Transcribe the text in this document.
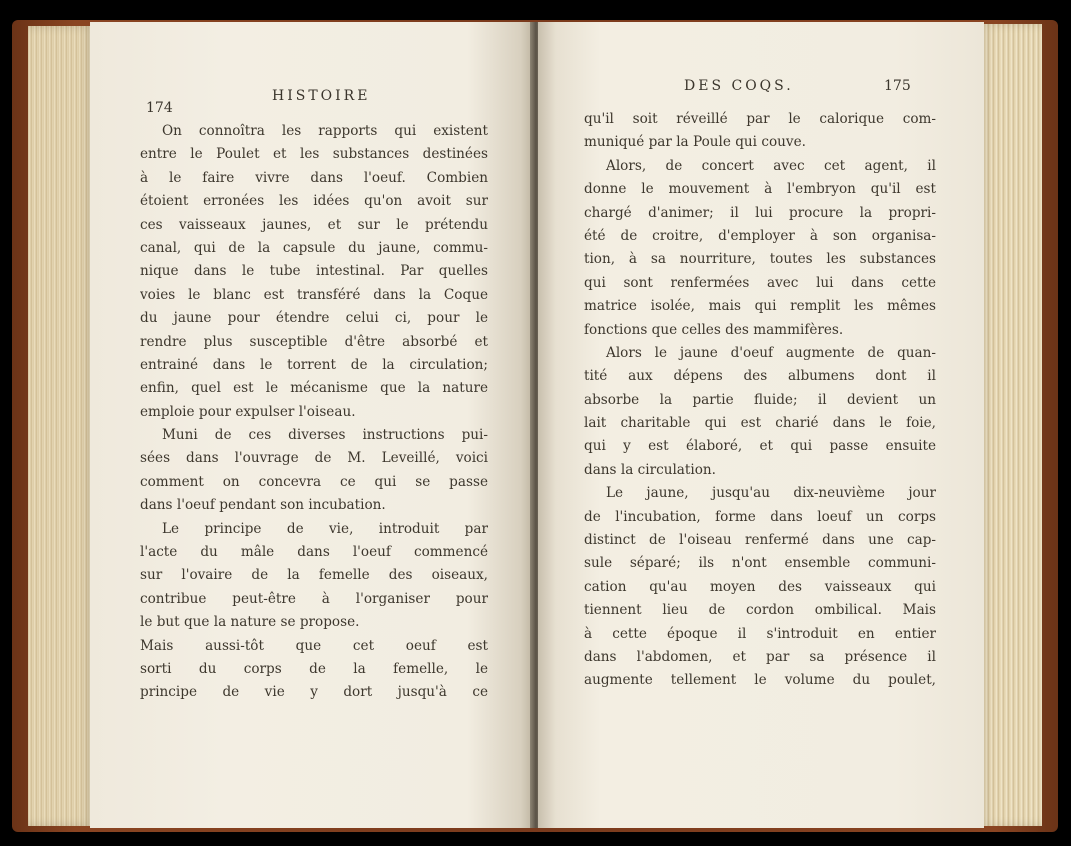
174
HISTOIRE
On connoîtra les rapports qui existent
entre le Poulet et les substances destinées
à le faire vivre dans l'oeuf. Combien
étoient erronées les idées qu'on avoit sur
ces vaisseaux jaunes, et sur le prétendu
canal, qui de la capsule du jaune, commu-
nique dans le tube intestinal. Par quelles
voies le blanc est transféré dans la Coque
du jaune pour étendre celui ci, pour le
rendre plus susceptible d'être absorbé et
entrainé dans le torrent de la circulation;
enfin, quel est le mécanisme que la nature
emploie pour expulser l'oiseau.
Muni de ces diverses instructions pui-
sées dans l'ouvrage de M. Leveillé, voici
comment on concevra ce qui se passe
dans l'oeuf pendant son incubation.
Le principe de vie, introduit par
l'acte du mâle dans l'oeuf commencé
sur l'ovaire de la femelle des oiseaux,
contribue peut-être à l'organiser pour
le but que la nature se propose.
Mais aussi-tôt que cet oeuf est
sorti du corps de la femelle, le
principe de vie y dort jusqu'à ce
DES COQS.	175
qu'il soit réveillé par le calorique com-
muniqué par la Poule qui couve.
Alors, de concert avec cet agent, il
donne le mouvement à l'embryon qu'il est
chargé d'animer; il lui procure la propri-
été de croitre, d'employer à son organisa-
tion, à sa nourriture, toutes les substances
qui sont renfermées avec lui dans cette
matrice isolée, mais qui remplit les mêmes
fonctions que celles des mammifères.
Alors le jaune d'oeuf augmente de quan-
tité aux dépens des albumens dont il
absorbe la partie fluide; il devient un
lait charitable qui est charié dans le foie,
qui y est élaboré, et qui passe ensuite
dans la circulation.
Le jaune, jusqu'au dix-neuvième jour
de l'incubation, forme dans loeuf un corps
distinct de l'oiseau renfermé dans une cap-
sule séparé; ils n'ont ensemble communi-
cation qu'au moyen des vaisseaux qui
tiennent lieu de cordon ombilical. Mais
à cette époque il s'introduit en entier
dans l'abdomen, et par sa présence il
augmente tellement le volume du poulet,
